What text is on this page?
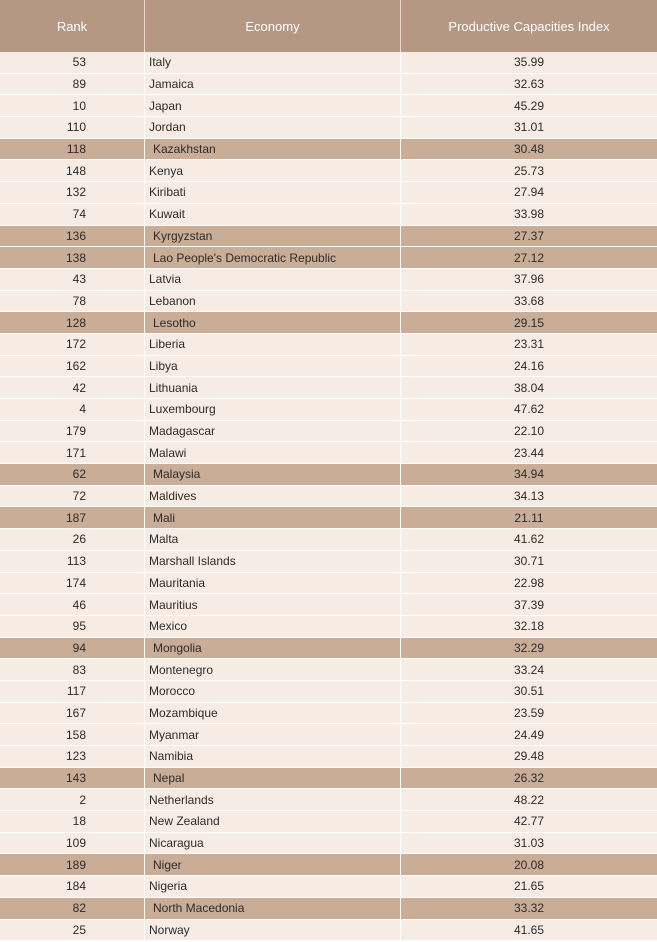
Rank	Economy	Productive Capacities Index
53	Italy	35.99
89	Jamaica	32.63
10	Japan	45.29
110	Jordan	31.01
118	Kazakhstan	30.48
148	Kenya	25.73
132	Kiribati	27.94
74	Kuwait	33.98
136	Kyrgyzstan	27.37
138	Lao People's Democratic Republic	27.12
43	Latvia	37.96
78	Lebanon	33.68
128	Lesotho	29.15
172	Liberia	23.31
162	Libya	24.16
42	Lithuania	38.04
4	Luxembourg	47.62
179	Madagascar	22.10
171	Malawi	23.44
62	Malaysia	34.94
72	Maldives	34.13
187	Mali	21.11
26	Malta	41.62
113	Marshall Islands	30.71
174	Mauritania	22.98
46	Mauritius	37.39
95	Mexico	32.18
94	Mongolia	32.29
83	Montenegro	33.24
117	Morocco	30.51
167	Mozambique	23.59
158	Myanmar	24.49
123	Namibia	29.48
143	Nepal	26.32
2	Netherlands	48.22
18	New Zealand	42.77
109	Nicaragua	31.03
189	Niger	20.08
184	Nigeria	21.65
82	North Macedonia	33.32
25	Norway	41.65
